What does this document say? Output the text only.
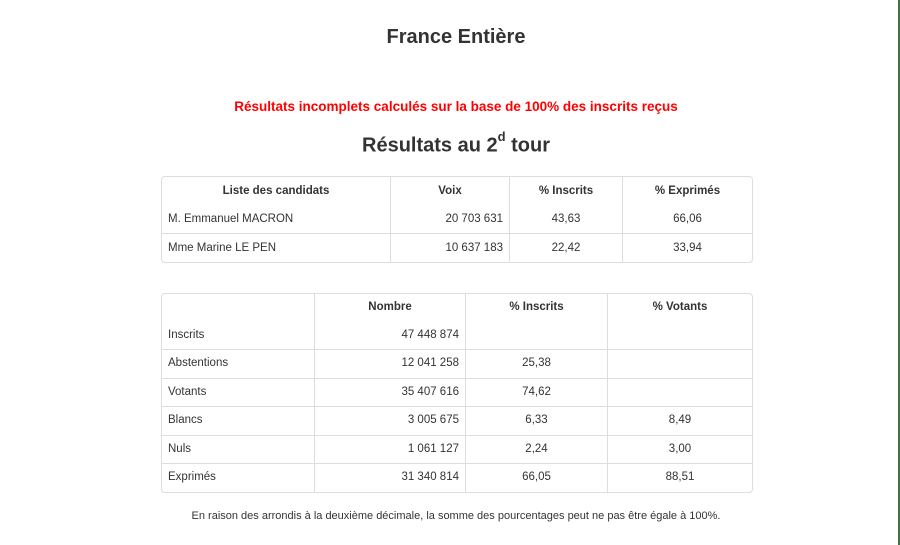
France Entière
Résultats incomplets calculés sur la base de 100% des inscrits reçus
Résultats au 2$^d$ tour
Liste des candidats	Voix	% Inscrits	% Exprimés
M. Emmanuel MACRON	20 703 631	43,63	66,06
Mme Marine LE PEN	10 637 183	22,42	33,94
	Nombre	% Inscrits	% Votants
Inscrits	47 448 874		
Abstentions	12 041 258	25,38	
Votants	35 407 616	74,62	
Blancs	3 005 675	6,33	8,49
Nuls	1 061 127	2,24	3,00
Exprimés	31 340 814	66,05	88,51
En raison des arrondis à la deuxième décimale, la somme des pourcentages peut ne pas être égale à 100%.
